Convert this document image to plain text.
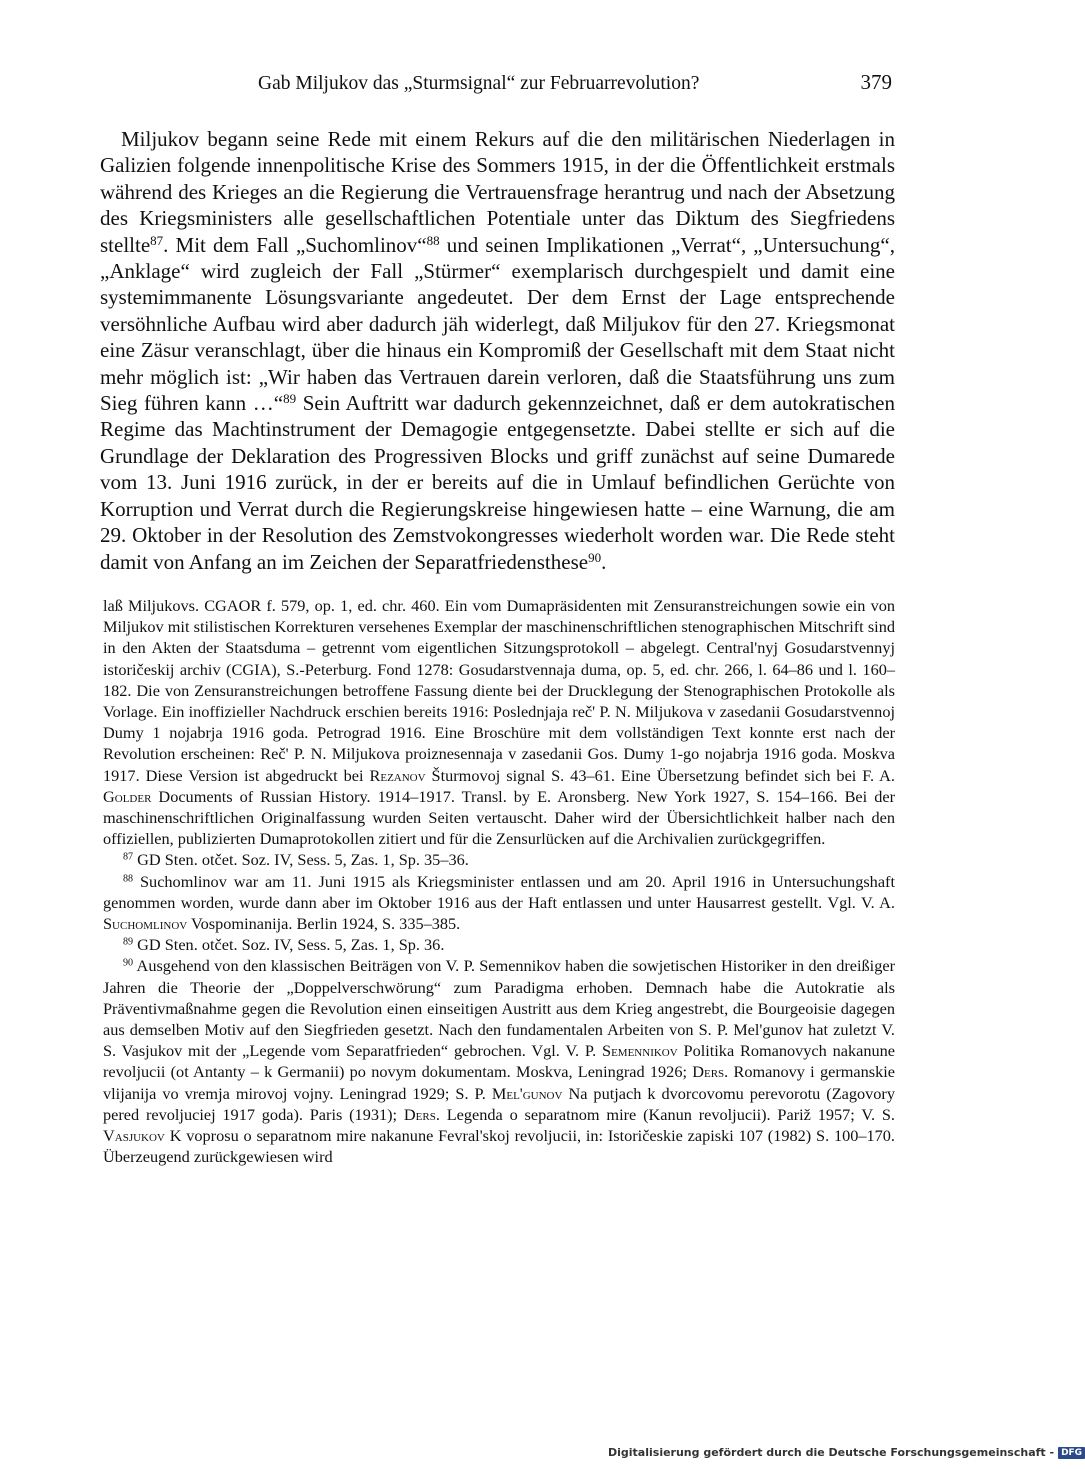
Gab Miljukov das „Sturmsignal“ zur Februarrevolution?	379

Miljukov begann seine Rede mit einem Rekurs auf die den militärischen Niederlagen in Galizien folgende innenpolitische Krise des Sommers 1915, in der die Öffentlichkeit erstmals während des Krieges an die Regierung die Vertrauensfrage herantrug und nach der Absetzung des Kriegsministers alle gesellschaftlichen Potentiale unter das Diktum des Siegfriedens stellte$^{87}$. Mit dem Fall „Suchomlinov“$^{88}$ und seinen Implikationen „Verrat“, „Untersuchung“, „Anklage“ wird zugleich der Fall „Stürmer“ exemplarisch durchgespielt und damit eine systemimmanente Lösungsvariante angedeutet. Der dem Ernst der Lage entsprechende versöhnliche Aufbau wird aber dadurch jäh widerlegt, daß Miljukov für den 27. Kriegsmonat eine Zäsur veranschlagt, über die hinaus ein Kompromiß der Gesellschaft mit dem Staat nicht mehr möglich ist: „Wir haben das Vertrauen darein verloren, daß die Staatsführung uns zum Sieg führen kann …“$^{89}$ Sein Auftritt war dadurch gekennzeichnet, daß er dem autokratischen Regime das Machtinstrument der Demagogie entgegensetzte. Dabei stellte er sich auf die Grundlage der Deklaration des Progressiven Blocks und griff zunächst auf seine Dumarede vom 13. Juni 1916 zurück, in der er bereits auf die in Umlauf befindlichen Gerüchte von Korruption und Verrat durch die Regierungskreise hingewiesen hatte – eine Warnung, die am 29. Oktober in der Resolution des Zemstvokongresses wiederholt worden war. Die Rede steht damit von Anfang an im Zeichen der Separatfriedensthese$^{90}$.

laß Miljukovs. CGAOR f. 579, op. 1, ed. chr. 460. Ein vom Dumapräsidenten mit Zensuranstreichungen sowie ein von Miljukov mit stilistischen Korrekturen versehenes Exemplar der maschinenschriftlichen stenographischen Mitschrift sind in den Akten der Staatsduma – getrennt vom eigentlichen Sitzungsprotokoll – abgelegt. Central'nyj Gosudarstvennyj istoričeskij archiv (CGIA), S.-Peterburg. Fond 1278: Gosudarstvennaja duma, op. 5, ed. chr. 266, l. 64–86 und l. 160–182. Die von Zensuranstreichungen betroffene Fassung diente bei der Drucklegung der Stenographischen Protokolle als Vorlage. Ein inoffizieller Nachdruck erschien bereits 1916: Poslednjaja reč' P. N. Miljukova v zasedanii Gosudarstvennoj Dumy 1 nojabrja 1916 goda. Petrograd 1916. Eine Broschüre mit dem vollständigen Text konnte erst nach der Revolution erscheinen: Reč' P. N. Miljukova proiznesennaja v zasedanii Gos. Dumy 1-go nojabrja 1916 goda. Moskva 1917. Diese Version ist abgedruckt bei Rezanov Šturmovoj signal S. 43–61. Eine Übersetzung befindet sich bei F. A. Golder Documents of Russian History. 1914–1917. Transl. by E. Aronsberg. New York 1927, S. 154–166. Bei der maschinenschriftlichen Originalfassung wurden Seiten vertauscht. Daher wird der Übersichtlichkeit halber nach den offiziellen, publizierten Dumaprotokollen zitiert und für die Zensurlücken auf die Archivalien zurückgegriffen.

$^{87}$ GD Sten. otčet. Soz. IV, Sess. 5, Zas. 1, Sp. 35–36.

$^{88}$ Suchomlinov war am 11. Juni 1915 als Kriegsminister entlassen und am 20. April 1916 in Untersuchungshaft genommen worden, wurde dann aber im Oktober 1916 aus der Haft entlassen und unter Hausarrest gestellt. Vgl. V. A. Suchomlinov Vospominanija. Berlin 1924, S. 335–385.

$^{89}$ GD Sten. otčet. Soz. IV, Sess. 5, Zas. 1, Sp. 36.

$^{90}$ Ausgehend von den klassischen Beiträgen von V. P. Semennikov haben die sowjetischen Historiker in den dreißiger Jahren die Theorie der „Doppelverschwörung“ zum Paradigma erhoben. Demnach habe die Autokratie als Präventivmaßnahme gegen die Revolution einen einseitigen Austritt aus dem Krieg angestrebt, die Bourgeoisie dagegen aus demselben Motiv auf den Siegfrieden gesetzt. Nach den fundamentalen Arbeiten von S. P. Mel'gunov hat zuletzt V. S. Vasjukov mit der „Legende vom Separatfrieden“ gebrochen. Vgl. V. P. Semennikov Politika Romanovych nakanune revoljucii (ot Antanty – k Germanii) po novym dokumentam. Moskva, Leningrad 1926; Ders. Romanovy i germanskie vlijanija vo vremja mirovoj vojny. Leningrad 1929; S. P. Mel'gunov Na putjach k dvorcovomu perevorotu (Zagovory pered revoljuciej 1917 goda). Paris (1931); Ders. Legenda o separatnom mire (Kanun revoljucii). Pariž 1957; V. S. Vasjukov K voprosu o separatnom mire nakanune Fevral'skoj revoljucii, in: Istoričeskie zapiski 107 (1982) S. 100–170. Überzeugend zurückgewiesen wird

Digitalisierung gefördert durch die Deutsche Forschungsgemeinschaft - DFG
